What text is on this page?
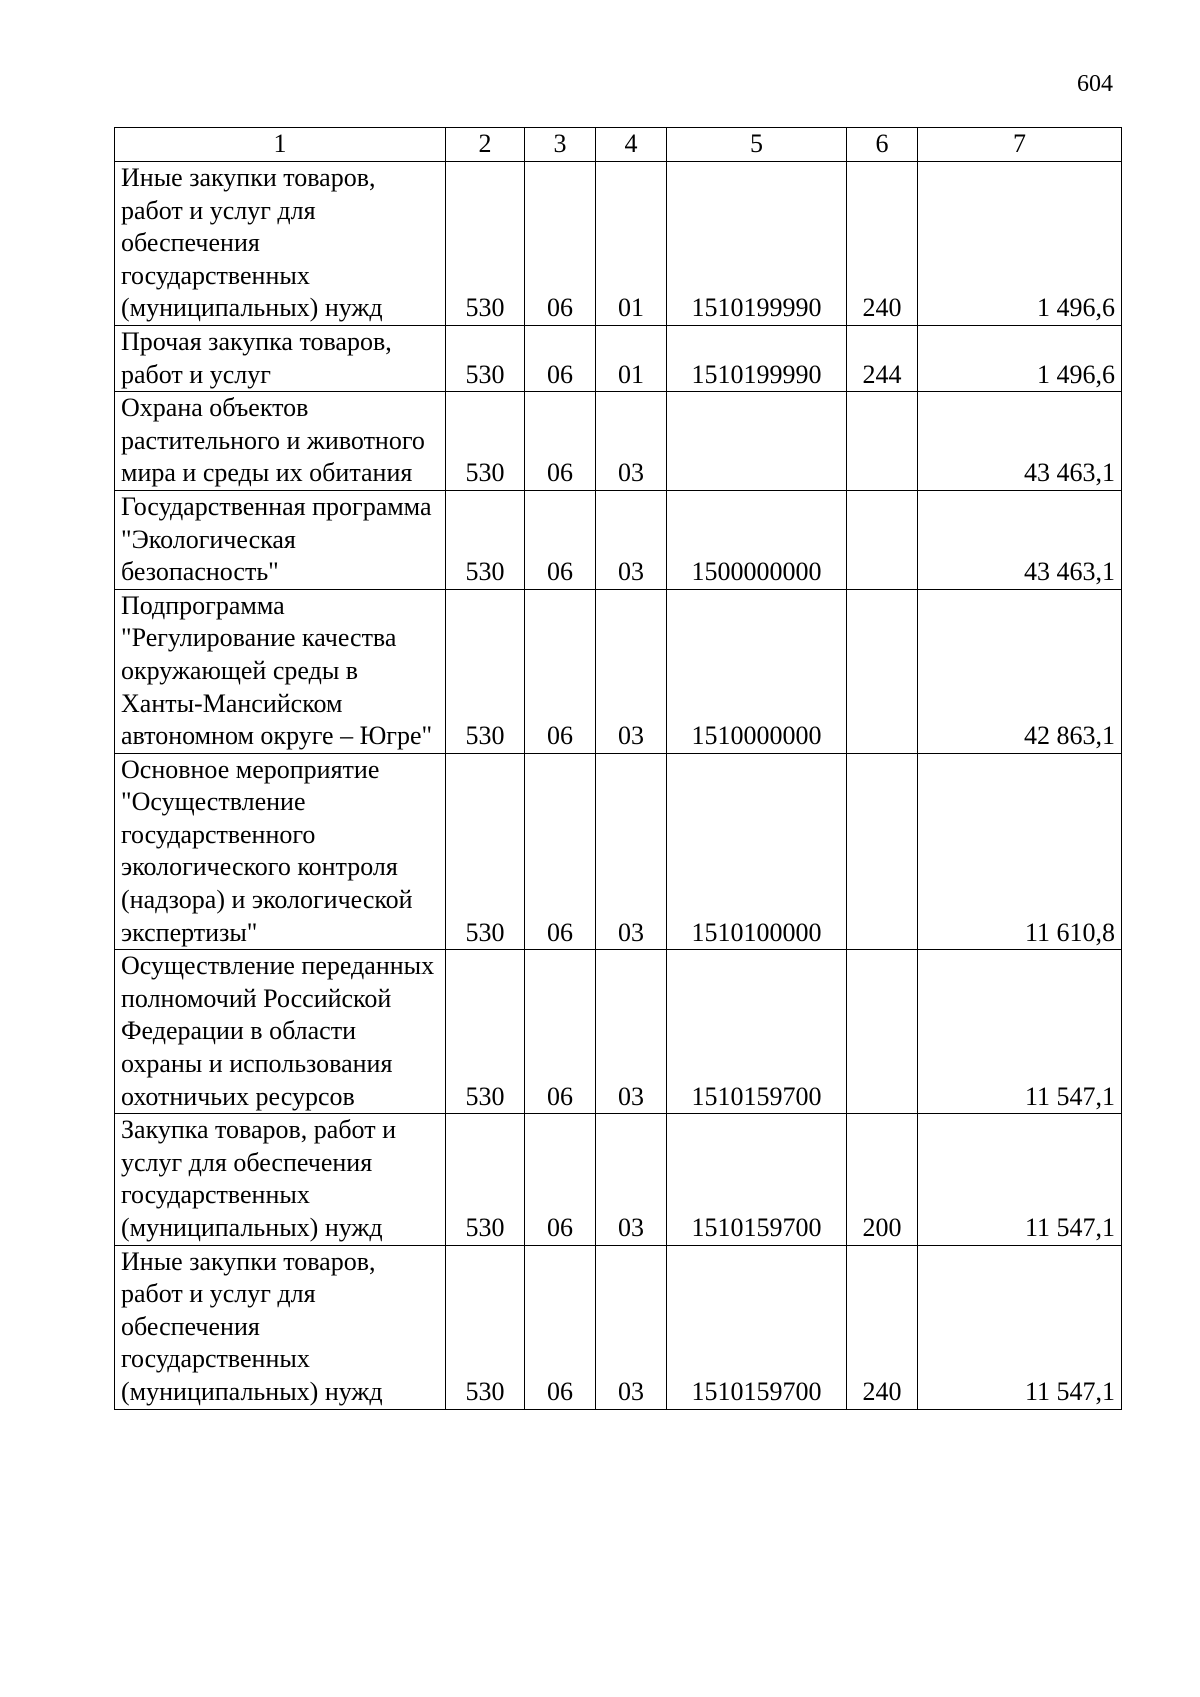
604
1	2	3	4	5	6	7
Иные закупки товаров, работ и услуг для обеспечения государственных (муниципальных) нужд	530	06	01	1510199990	240	1 496,6
Прочая закупка товаров, работ и услуг	530	06	01	1510199990	244	1 496,6
Охрана объектов растительного и животного мира и среды их обитания	530	06	03			43 463,1
Государственная программа "Экологическая безопасность"	530	06	03	1500000000		43 463,1
Подпрограмма "Регулирование качества окружающей среды в Ханты-Мансийском автономном округе – Югре"	530	06	03	1510000000		42 863,1
Основное мероприятие "Осуществление государственного экологического контроля (надзора) и экологической экспертизы"	530	06	03	1510100000		11 610,8
Осуществление переданных полномочий Российской Федерации в области охраны и использования охотничьих ресурсов	530	06	03	1510159700		11 547,1
Закупка товаров, работ и услуг для обеспечения государственных (муниципальных) нужд	530	06	03	1510159700	200	11 547,1
Иные закупки товаров, работ и услуг для обеспечения государственных (муниципальных) нужд	530	06	03	1510159700	240	11 547,1
